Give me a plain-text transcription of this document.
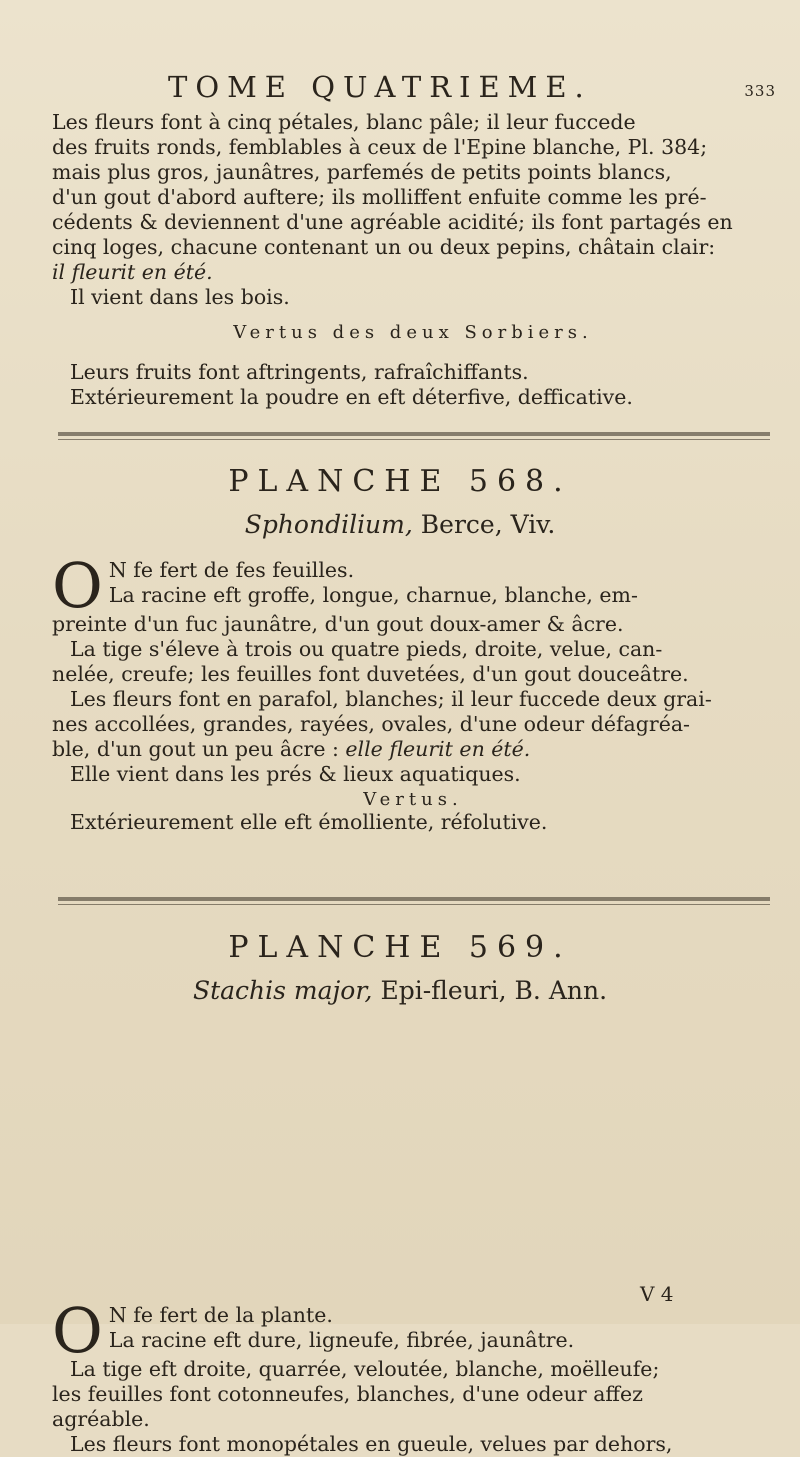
TOME QUATRIEME.	333

Les fleurs font à cinq pétales, blanc pâle; il leur fuccede

des fruits ronds, femblables à ceux de l'Epine blanche, Pl. 384;

mais plus gros, jaunâtres, parfemés de petits points blancs,

d'un gout d'abord auftere; ils molliffent enfuite comme les pré-

cédents & deviennent d'une agréable acidité; ils font partagés en

cinq loges, chacune contenant un ou deux pepins, châtain clair:

il fleurit en été.

Il vient dans les bois.

Vertus des deux Sorbiers.

Leurs fruits font aftringents, rafraîchiffants.

Extérieurement la poudre en eft déterfive, defficative.

PLANCHE 568.
Sphondilium, Berce, Viv.
O N fe fert de fes feuilles.

La racine eft groffe, longue, charnue, blanche, em-

preinte d'un fuc jaunâtre, d'un gout doux-amer & âcre.

La tige s'éleve à trois ou quatre pieds, droite, velue, can-

nelée, creufe; les feuilles font duvetées, d'un gout douceâtre.

Les fleurs font en parafol, blanches; il leur fuccede deux grai-

nes accollées, grandes, rayées, ovales, d'une odeur défagréa-

ble, d'un gout un peu âcre : elle fleurit en été.

Elle vient dans les prés & lieux aquatiques.

Vertus.

Extérieurement elle eft émolliente, réfolutive.

PLANCHE 569.
Stachis major, Epi-fleuri, B. Ann.
O N fe fert de la plante.

La racine eft dure, ligneufe, fibrée, jaunâtre.

La tige eft droite, quarrée, veloutée, blanche, moëlleufe;

les feuilles font cotonneufes, blanches, d'une odeur affez

agréable.

Les fleurs font monopétales en gueule, velues par dehors,

V 4
